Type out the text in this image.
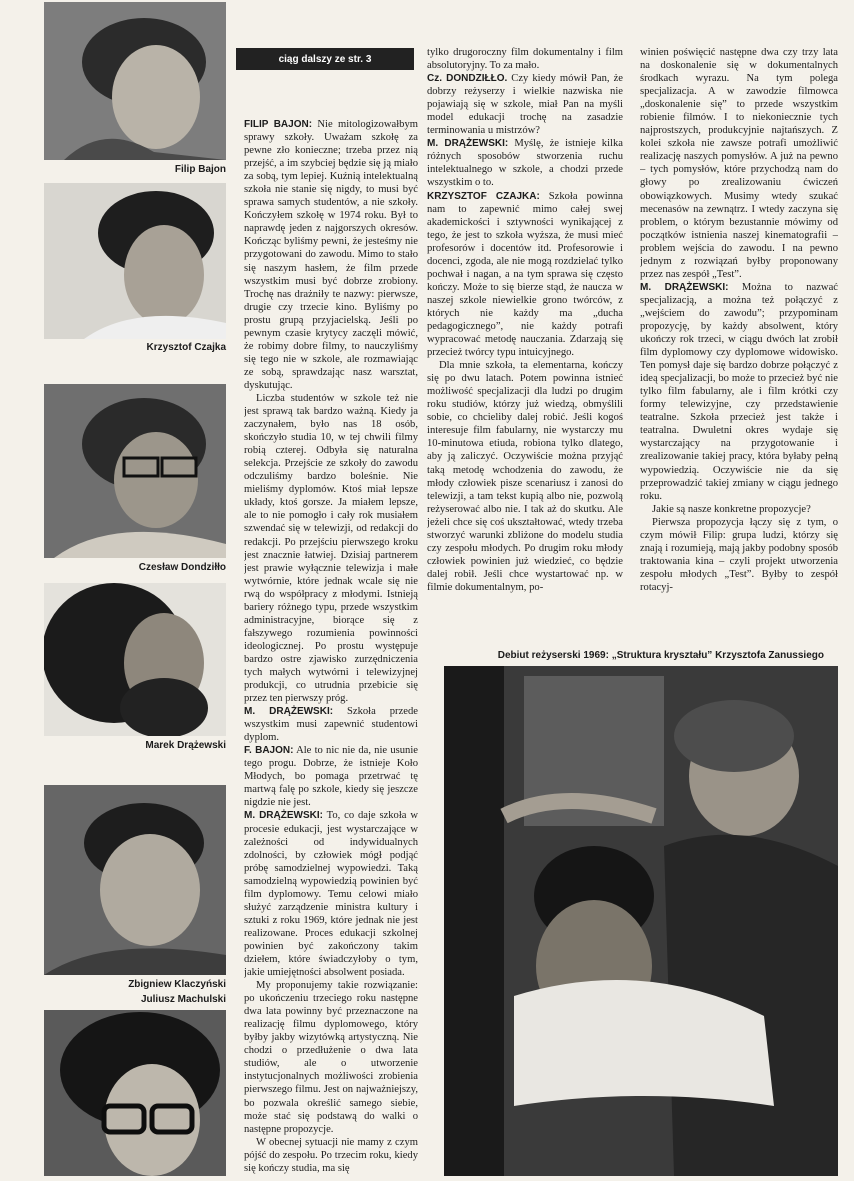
Filip Bajon
Krzysztof Czajka
Czesław Dondziłło
Marek Drążewski
Zbigniew Klaczyński
Juliusz Machulski
ciąg dalszy ze str. 3

FILIP BAJON: Nie mitologizowałbym sprawy szkoły. Uważam szkołę za pewne zło konieczne; trzeba przez nią przejść, a im szybciej będzie się ją miało za sobą, tym lepiej. Kuźnią intelektualną szkoła nie stanie się nigdy, to musi być sprawa samych studentów, a nie szkoły. Kończyłem szkołę w 1974 roku. Był to naprawdę jeden z najgorszych okresów. Kończąc byliśmy pewni, że jesteśmy nie przygotowani do zawodu. Mimo to stało się naszym hasłem, że film przede wszystkim musi być dobrze zrobiony. Trochę nas drażniły te nazwy: pierwsze, drugie czy trzecie kino. Byliśmy po prostu grupą przyjacielską. Jeśli po pewnym czasie krytycy zaczęli mówić, że robimy dobre filmy, to nauczyliśmy się tego nie w szkole, ale rozmawiając ze sobą, sprawdzając nasz warsztat, dyskutując.

Liczba studentów w szkole też nie jest sprawą tak bardzo ważną. Kiedy ja zaczynałem, było nas 18 osób, skończyło studia 10, w tej chwili filmy robią czterej. Odbyła się naturalna selekcja. Przejście ze szkoły do zawodu odczuliśmy bardzo boleśnie. Nie mieliśmy dyplomów. Ktoś miał lepsze układy, ktoś gorsze. Ja miałem lepsze, ale to nie pomogło i cały rok musiałem szwendać się w telewizji, od redakcji do redakcji. Po przejściu pierwszego kroku jest znacznie łatwiej. Dzisiaj partnerem jest prawie wyłącznie telewizja i małe wytwórnie, które jednak wcale się nie rwą do współpracy z młodymi. Istnieją bariery różnego typu, przede wszystkim administracyjne, biorące się z fałszywego rozumienia powinności ideologicznej. Po prostu występuje bardzo ostre zjawisko zurzędniczenia tych małych wytwórni i telewizyjnej produkcji, co utrudnia przebicie się przez ten pierwszy próg.

M. DRĄŻEWSKI: Szkoła przede wszystkim musi zapewnić studentowi dyplom.

F. BAJON: Ale to nic nie da, nie usunie tego progu. Dobrze, że istnieje Koło Młodych, bo pomaga przetrwać tę martwą falę po szkole, kiedy się jeszcze nigdzie nie jest.

M. DRĄŻEWSKI: To, co daje szkoła w procesie edukacji, jest wystarczające w zależności od indywidualnych zdolności, by człowiek mógł podjąć próbę samodzielnej wypowiedzi. Taką samodzielną wypowiedzią powinien być film dyplomowy. Temu celowi miało służyć zarządzenie ministra kultury i sztuki z roku 1969, które jednak nie jest realizowane. Proces edukacji szkolnej powinien być zakończony takim dziełem, które świadczyłoby o tym, jakie umiejętności absolwent posiada.

My proponujemy takie rozwiązanie: po ukończeniu trzeciego roku następne dwa lata powinny być przeznaczone na realizację filmu dyplomowego, który byłby jakby wizytówką artystyczną. Nie chodzi o przedłużenie o dwa lata studiów, ale o utworzenie instytucjonalnych możliwości zrobienia pierwszego filmu. Jest on najważniejszy, bo pozwala określić samego siebie, może stać się podstawą do walki o następne propozycje.

W obecnej sytuacji nie mamy z czym pójść do zespołu. Po trzecim roku, kiedy się kończy studia, ma się

tylko drugoroczny film dokumentalny i film absolutoryjny. To za mało.

Cz. DONDZIŁŁO. Czy kiedy mówił Pan, że dobrzy reżyserzy i wielkie nazwiska nie pojawiają się w szkole, miał Pan na myśli model edukacji trochę na zasadzie terminowania u mistrzów?

M. DRĄŻEWSKI: Myślę, że istnieje kilka różnych sposobów stworzenia ruchu intelektualnego w szkole, a chodzi przede wszystkim o to.

KRZYSZTOF CZAJKA: Szkoła powinna nam to zapewnić mimo całej swej akademickości i sztywności wynikającej z tego, że jest to szkoła wyższa, że musi mieć profesorów i docentów itd. Profesorowie i docenci, zgoda, ale nie mogą rozdzielać tylko pochwał i nagan, a na tym sprawa się często kończy. Może to się bierze stąd, że naucza w naszej szkole niewielkie grono twórców, z których nie każdy ma „ducha pedagogicznego”, nie każdy potrafi wypracować metodę nauczania. Zdarzają się przecież twórcy typu intuicyjnego.

Dla mnie szkoła, ta elementarna, kończy się po dwu latach. Potem powinna istnieć możliwość specjalizacji dla ludzi po drugim roku studiów, którzy już wiedzą, obmyślili sobie, co chcieliby dalej robić. Jeśli kogoś interesuje film fabularny, nie wystarczy mu 10-minutowa etiuda, robiona tylko dlatego, aby ją zaliczyć. Oczywiście można przyjąć taką metodę wchodzenia do zawodu, że młody człowiek pisze scenariusz i zanosi do telewizji, a tam tekst kupią albo nie, pozwolą reżyserować albo nie. I tak aż do skutku. Ale jeżeli chce się coś ukształtować, wtedy trzeba stworzyć warunki zbliżone do modelu studia czy zespołu młodych. Po drugim roku młody człowiek powinien już wiedzieć, co będzie dalej robił. Jeśli chce wystartować np. w filmie dokumentalnym, po-

winien poświęcić następne dwa czy trzy lata na doskonalenie się w dokumentalnych środkach wyrazu. Na tym polega specjalizacja. A w zawodzie filmowca „doskonalenie się” to przede wszystkim robienie filmów. I to niekoniecznie tych najprostszych, produkcyjnie najtańszych. Z kolei szkoła nie zawsze potrafi umożliwić realizację naszych pomysłów. A już na pewno – tych pomysłów, które przychodzą nam do głowy po zrealizowaniu ćwiczeń obowiązkowych. Musimy wtedy szukać mecenasów na zewnątrz. I wtedy zaczyna się problem, o którym bezustannie mówimy od początków istnienia naszej kinematografii – problem wejścia do zawodu. I na pewno jednym z rozwiązań byłby proponowany przez nas zespół „Test”.

M. DRĄŻEWSKI: Można to nazwać specjalizacją, a można też połączyć z „wejściem do zawodu”; przypominam propozycję, by każdy absolwent, który ukończy rok trzeci, w ciągu dwóch lat zrobił film dyplomowy czy dyplomowe widowisko. Ten pomysł daje się bardzo dobrze połączyć z ideą specjalizacji, bo może to przecież być nie tylko film fabularny, ale i film krótki czy formy telewizyjne, czy przedstawienie teatralne. Szkoła przecież jest także i teatralna. Dwuletni okres wydaje się wystarczający na przygotowanie i zrealizowanie takiej pracy, która byłaby pełną wypowiedzią. Oczywiście nie da się przeprowadzić takiej zmiany w ciągu jednego roku.

Jakie są nasze konkretne propozycje?

Pierwsza propozycja łączy się z tym, o czym mówił Filip: grupa ludzi, którzy się znają i rozumieją, mają jakby podobny sposób traktowania kina – czyli projekt utworzenia zespołu młodych „Test”. Byłby to zespół rotacyj-

Debiut reżyserski 1969: „Struktura kryształu” Krzysztofa Zanussiego
